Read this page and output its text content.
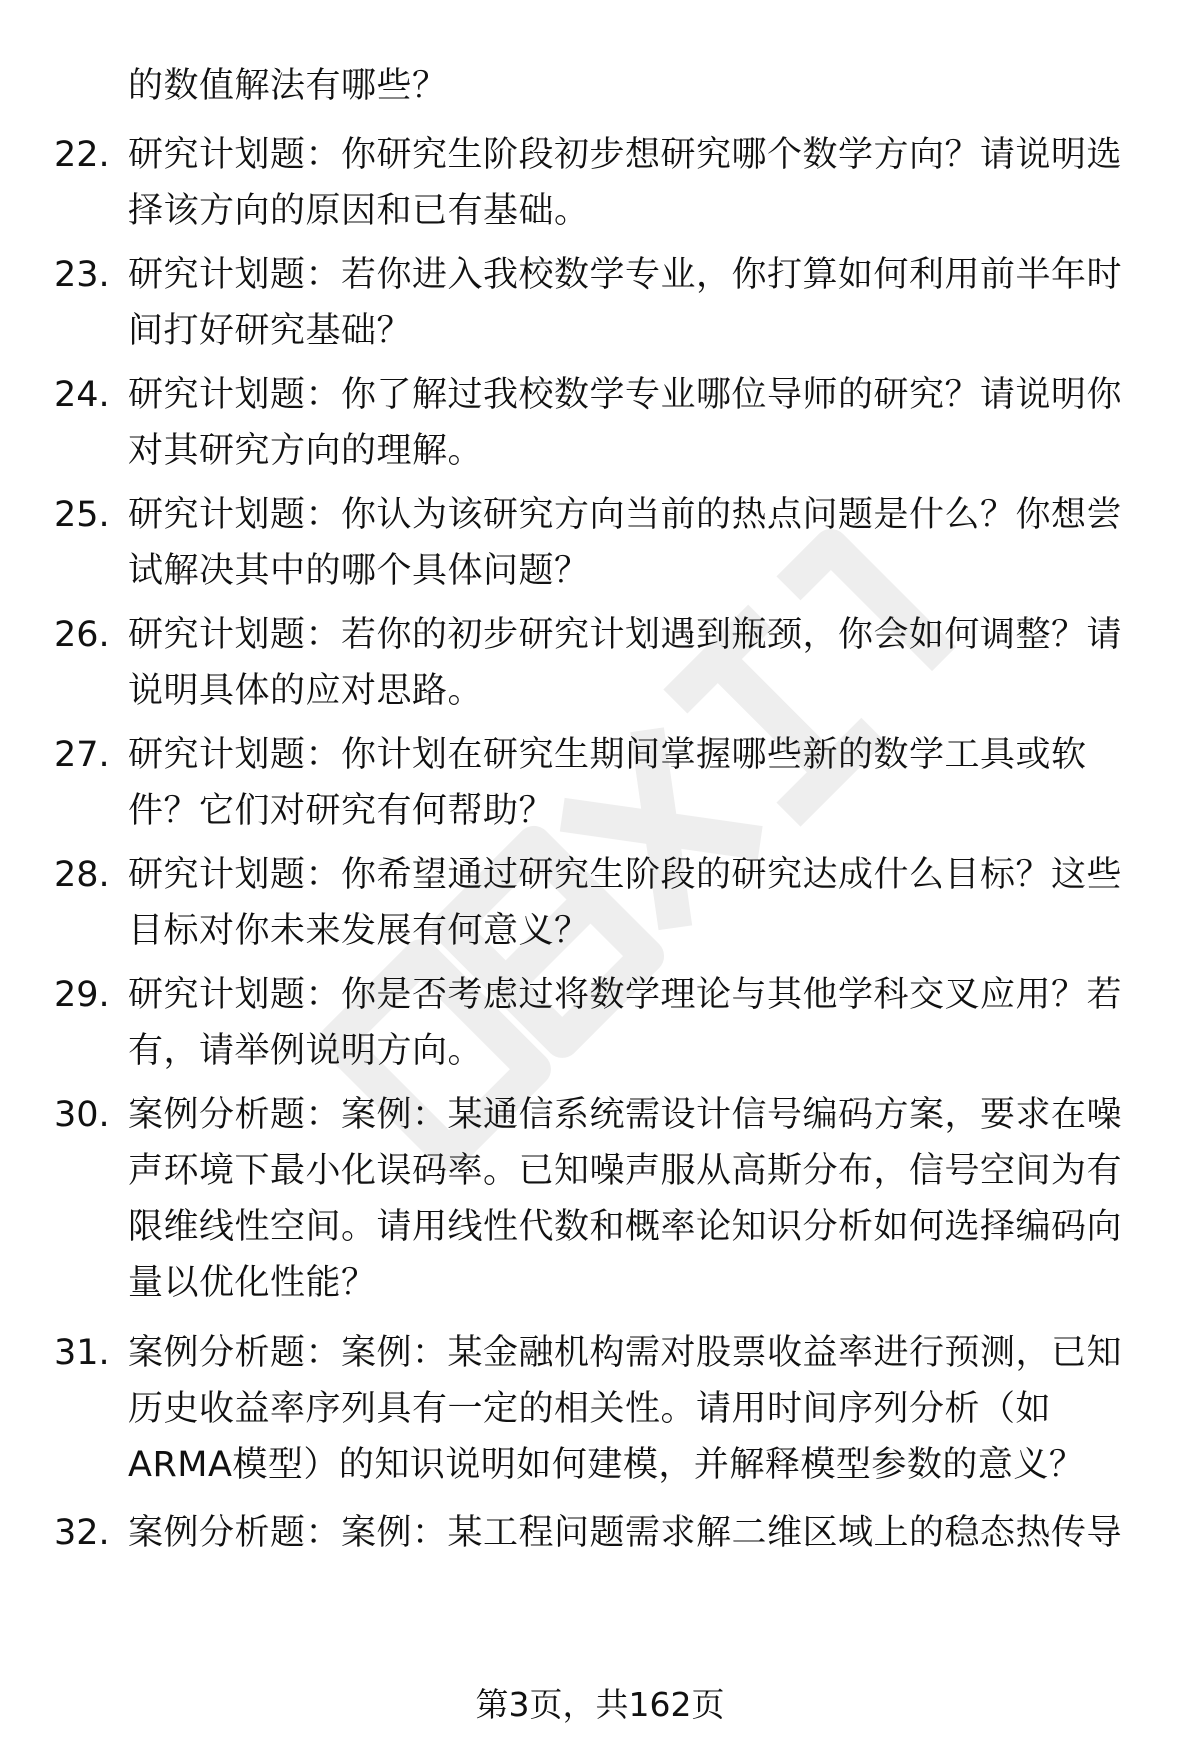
的数值解法有哪些？
22. 研究计划题：你研究生阶段初步想研究哪个数学方向？请说明选择该方向的原因和已有基础。
23. 研究计划题：若你进入我校数学专业，你打算如何利用前半年时间打好研究基础？
24. 研究计划题：你了解过我校数学专业哪位导师的研究？请说明你对其研究方向的理解。
25. 研究计划题：你认为该研究方向当前的热点问题是什么？你想尝试解决其中的哪个具体问题？
26. 研究计划题：若你的初步研究计划遇到瓶颈，你会如何调整？请说明具体的应对思路。
27. 研究计划题：你计划在研究生期间掌握哪些新的数学工具或软件？它们对研究有何帮助？
28. 研究计划题：你希望通过研究生阶段的研究达成什么目标？这些目标对你未来发展有何意义？
29. 研究计划题：你是否考虑过将数学理论与其他学科交叉应用？若有，请举例说明方向。
30. 案例分析题：案例：某通信系统需设计信号编码方案，要求在噪声环境下最小化误码率。已知噪声服从高斯分布，信号空间为有限维线性空间。请用线性代数和概率论知识分析如何选择编码向量以优化性能？
31. 案例分析题：案例：某金融机构需对股票收益率进行预测，已知历史收益率序列具有一定的相关性。请用时间序列分析（如ARMA模型）的知识说明如何建模，并解释模型参数的意义？
32. 案例分析题：案例：某工程问题需求解二维区域上的稳态热传导
第3页，共162页
